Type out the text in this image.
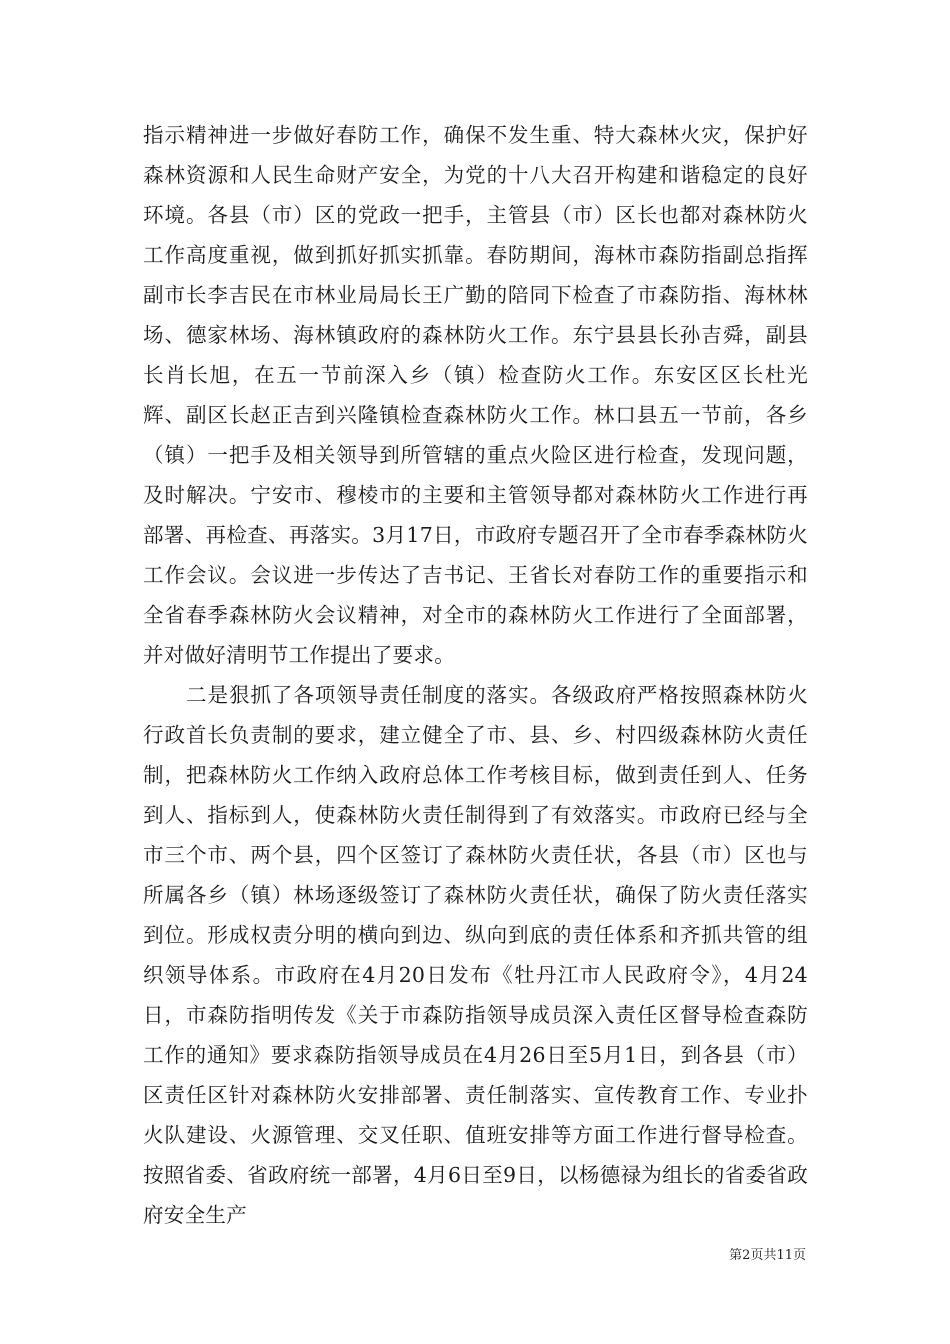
指示精神进一步做好春防工作，确保不发生重、特大森林火灾，保护好森林资源和人民生命财产安全，为党的十八大召开构建和谐稳定的良好环境。各县（市）区的党政一把手，主管县（市）区长也都对森林防火工作高度重视，做到抓好抓实抓靠。春防期间，海林市森防指副总指挥副市长李吉民在市林业局局长王广勤的陪同下检查了市森防指、海林林场、德家林场、海林镇政府的森林防火工作。东宁县县长孙吉舜，副县长肖长旭，在五一节前深入乡（镇）检查防火工作。东安区区长杜光辉、副区长赵正吉到兴隆镇检查森林防火工作。林口县五一节前，各乡（镇）一把手及相关领导到所管辖的重点火险区进行检查，发现问题，及时解决。宁安市、穆棱市的主要和主管领导都对森林防火工作进行再部署、再检查、再落实。3月17日，市政府专题召开了全市春季森林防火工作会议。会议进一步传达了吉书记、王省长对春防工作的重要指示和全省春季森林防火会议精神，对全市的森林防火工作进行了全面部署，并对做好清明节工作提出了要求。

二是狠抓了各项领导责任制度的落实。各级政府严格按照森林防火行政首长负责制的要求，建立健全了市、县、乡、村四级森林防火责任制，把森林防火工作纳入政府总体工作考核目标，做到责任到人、任务到人、指标到人，使森林防火责任制得到了有效落实。市政府已经与全市三个市、两个县，四个区签订了森林防火责任状，各县（市）区也与所属各乡（镇）林场逐级签订了森林防火责任状，确保了防火责任落实到位。形成权责分明的横向到边、纵向到底的责任体系和齐抓共管的组织领导体系。市政府在4月20日发布《牡丹江市人民政府令》，4月24日，市森防指明传发《关于市森防指领导成员深入责任区督导检查森防工作的通知》要求森防指领导成员在4月26日至5月1日，到各县（市）区责任区针对森林防火安排部署、责任制落实、宣传教育工作、专业扑火队建设、火源管理、交叉任职、值班安排等方面工作进行督导检查。按照省委、省政府统一部署，4月6日至9日，以杨德禄为组长的省委省政府安全生产

第2页共11页
